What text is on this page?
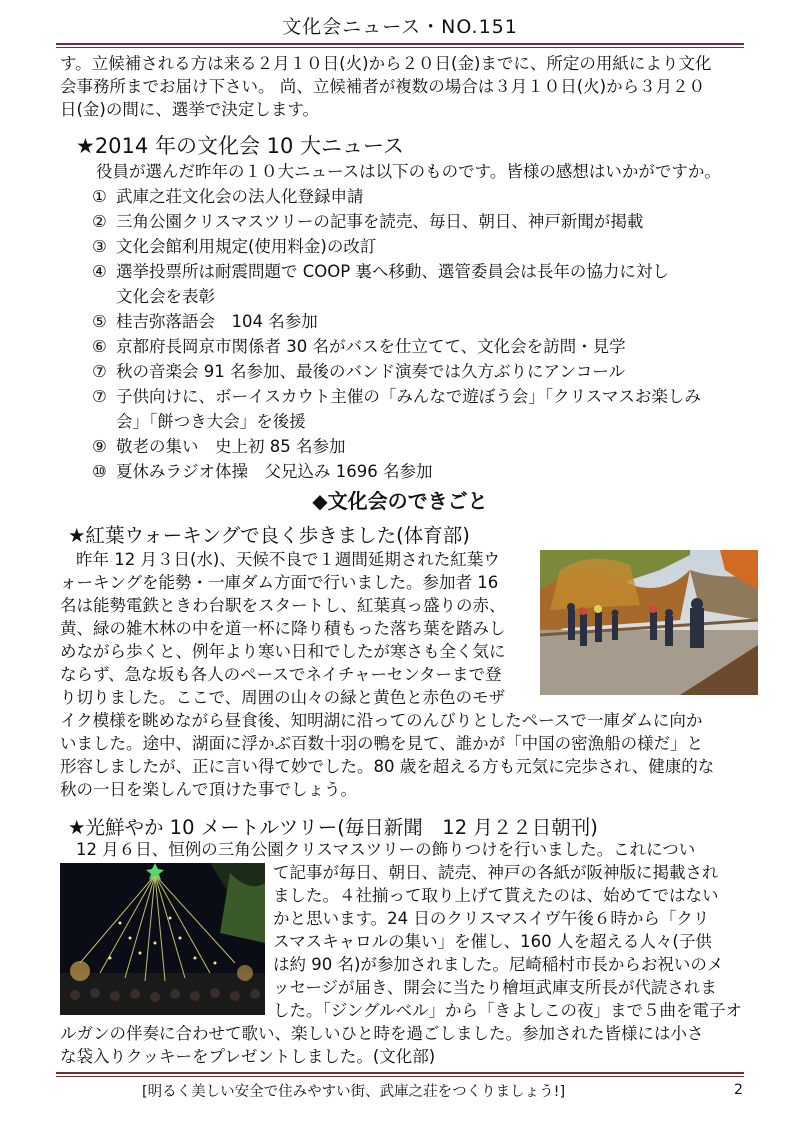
文化会ニュース・NO.151
す。立候補される方は来る２月１０日(火)から２０日(金)までに、所定の用紙により文化
会事務所までお届け下さい。 尚、立候補者が複数の場合は３月１０日(火)から３月２０
日(金)の間に、選挙で決定します。
★2014 年の文化会 10 大ニュース
役員が選んだ昨年の１０大ニュースは以下のものです。皆様の感想はいかがですか。
① 武庫之荘文化会の法人化登録申請
② 三角公園クリスマスツリーの記事を読売、毎日、朝日、神戸新聞が掲載
③ 文化会館利用規定(使用料金)の改訂
④ 選挙投票所は耐震問題で COOP 裏へ移動、選管委員会は長年の協力に対し
文化会を表彰
⑤ 桂吉弥落語会　104 名参加
⑥ 京都府長岡京市関係者 30 名がバスを仕立てて、文化会を訪問・見学
⑦ 秋の音楽会 91 名参加、最後のバンド演奏では久方ぶりにアンコール
⑦ 子供向けに、ボーイスカウト主催の「みんなで遊ぼう会」「クリスマスお楽しみ
会」「餅つき大会」を後援
⑨ 敬老の集い　史上初 85 名参加
⑩ 夏休みラジオ体操　父兄込み 1696 名参加
◆文化会のできごと
★紅葉ウォーキングで良く歩きました(体育部)
昨年 12 月３日(水)、天候不良で１週間延期された紅葉ウ
ォーキングを能勢・一庫ダム方面で行いました。参加者 16
名は能勢電鉄ときわ台駅をスタートし、紅葉真っ盛りの赤、
黄、緑の雑木林の中を道一杯に降り積もった落ち葉を踏みし
めながら歩くと、例年より寒い日和でしたが寒さも全く気に
ならず、急な坂も各人のペースでネイチャーセンターまで登
り切りました。ここで、周囲の山々の緑と黄色と赤色のモザ
イク模様を眺めながら昼食後、知明湖に沿ってのんびりとしたペースで一庫ダムに向か
いました。途中、湖面に浮かぶ百数十羽の鴨を見て、誰かが「中国の密漁船の様だ」と
形容しましたが、正に言い得て妙でした。80 歳を超える方も元気に完歩され、健康的な
秋の一日を楽しんで頂けた事でしょう。
★光鮮やか 10 メートルツリー(毎日新聞　12 月２２日朝刊)
12 月６日、恒例の三角公園クリスマスツリーの飾りつけを行いました。これについ
て記事が毎日、朝日、読売、神戸の各紙が阪神版に掲載され
ました。４社揃って取り上げて貰えたのは、始めてではない
かと思います。24 日のクリスマスイヴ午後６時から「クリ
スマスキャロルの集い」を催し、160 人を超える人々(子供
は約 90 名)が参加されました。尼崎稲村市長からお祝いのメ
ッセージが届き、開会に当たり檜垣武庫支所長が代読されま
した。「ジングルベル」から「きよしこの夜」まで５曲を電子オ
ルガンの伴奏に合わせて歌い、楽しいひと時を過ごしました。参加された皆様には小さ
な袋入りクッキーをプレゼントしました。(文化部)
[明るく美しい安全で住みやすい街、武庫之荘をつくりましょう!]	2
